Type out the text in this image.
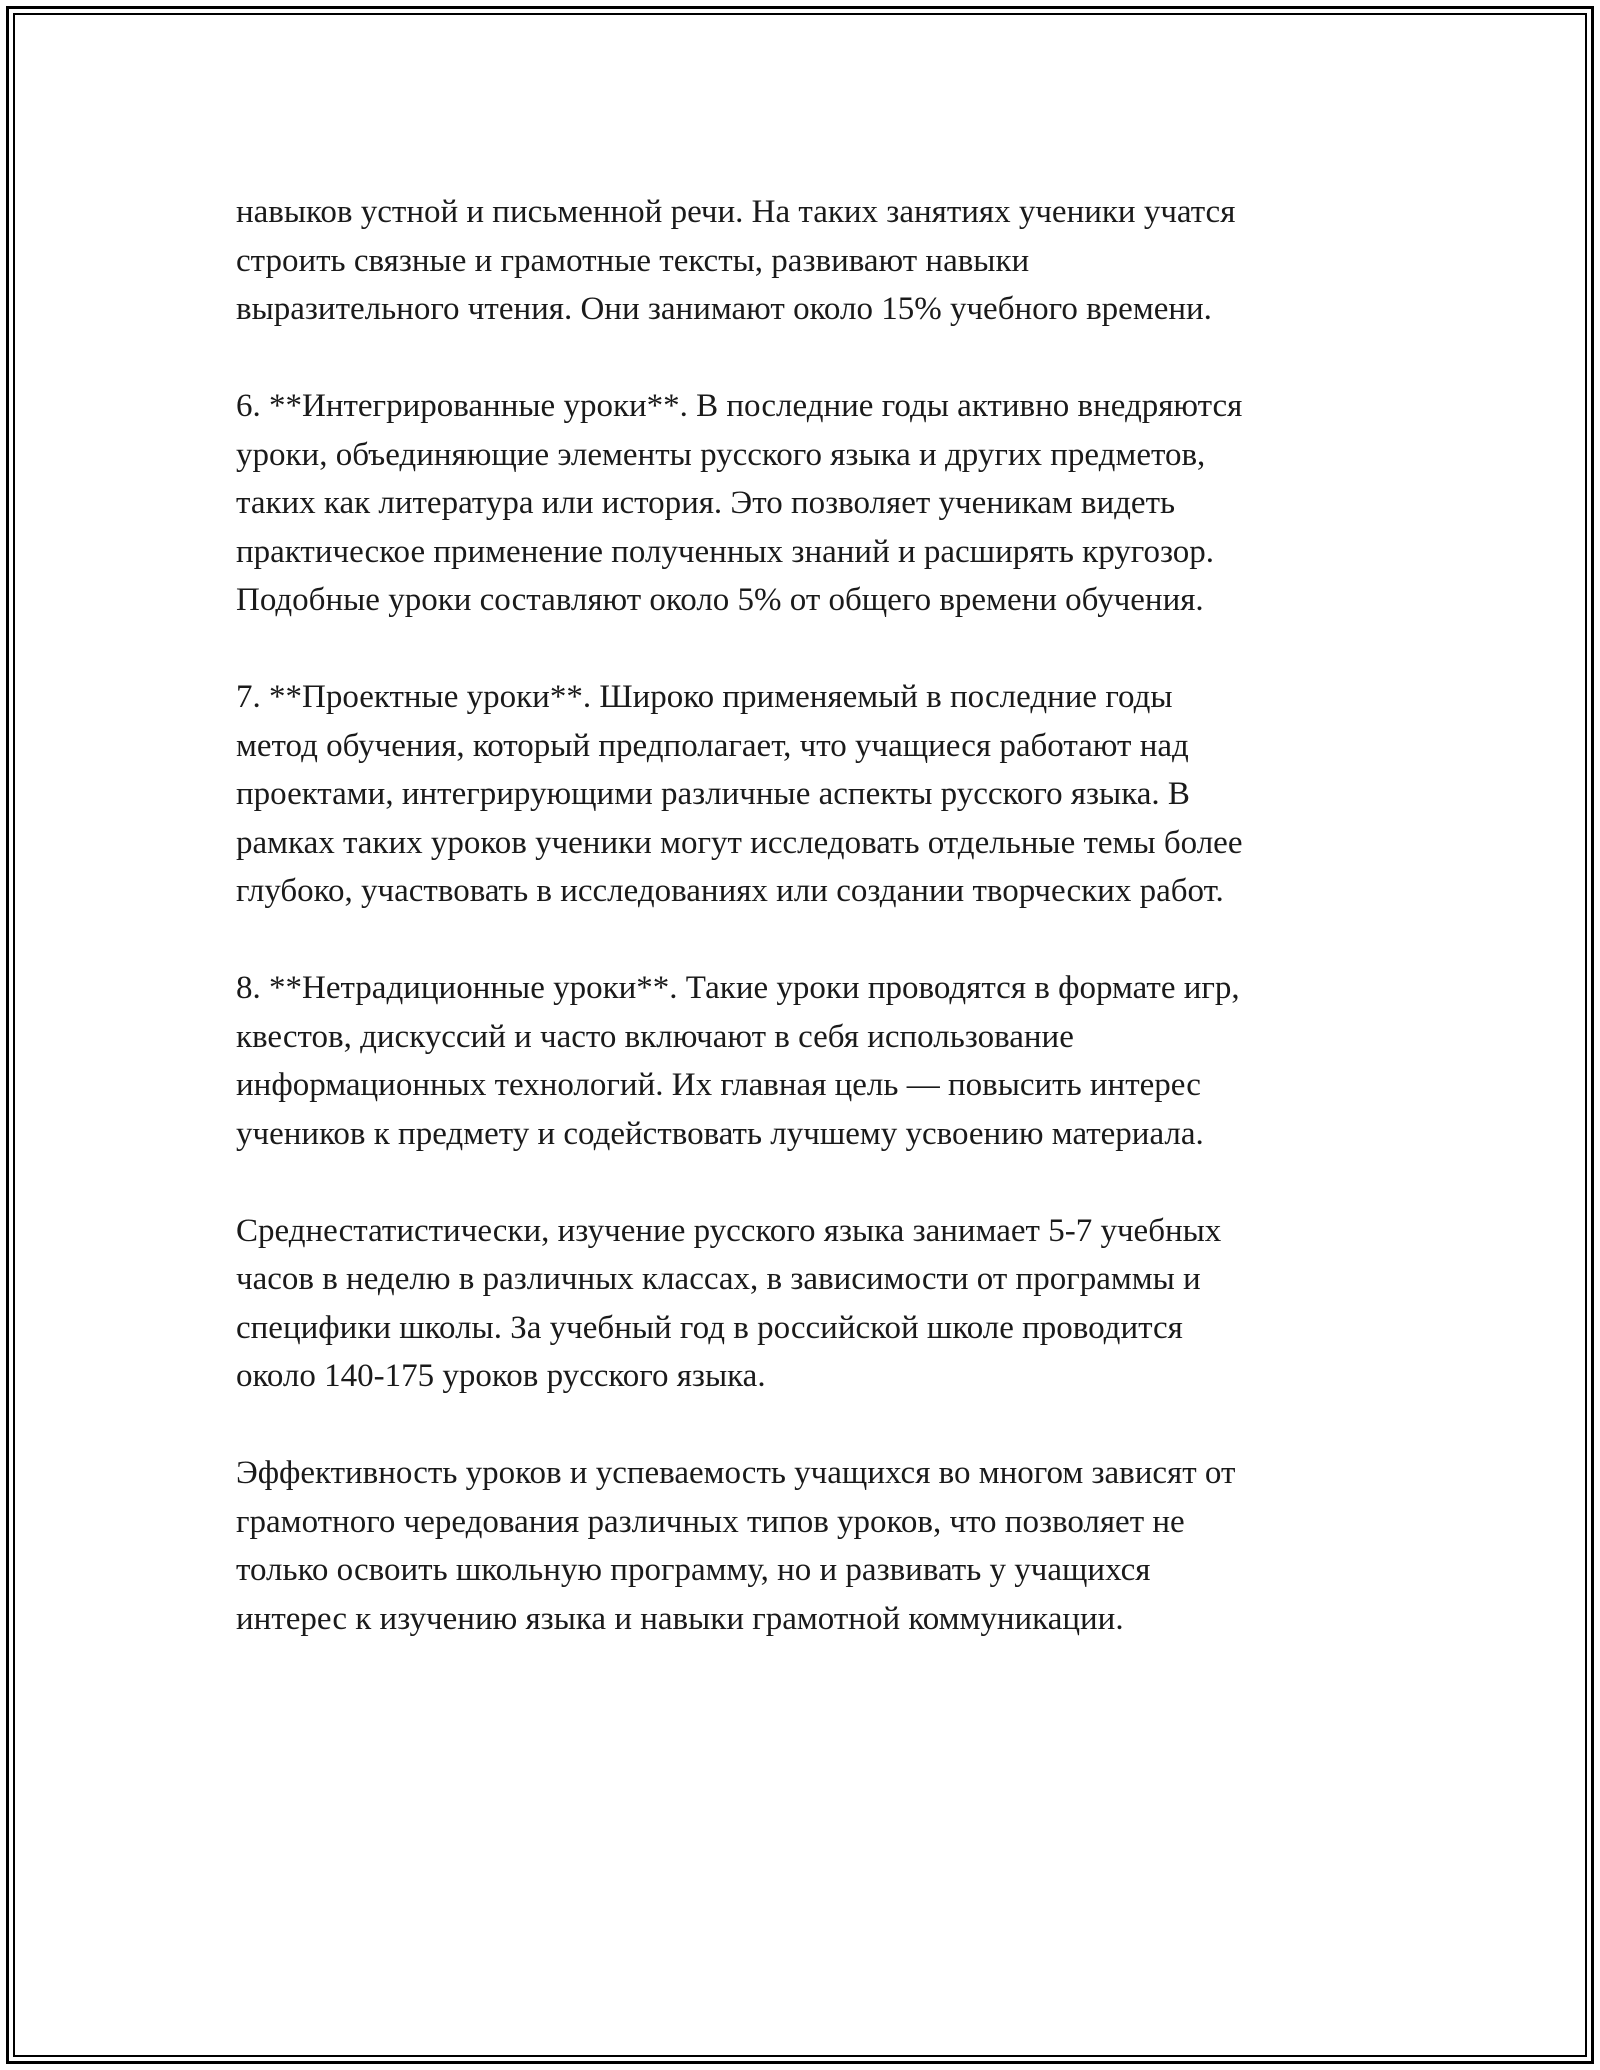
навыков устной и письменной речи. На таких занятиях ученики учатся
строить связные и грамотные тексты, развивают навыки
выразительного чтения. Они занимают около 15% учебного времени.

6. **Интегрированные уроки**. В последние годы активно внедряются
уроки, объединяющие элементы русского языка и других предметов,
таких как литература или история. Это позволяет ученикам видеть
практическое применение полученных знаний и расширять кругозор.
Подобные уроки составляют около 5% от общего времени обучения.

7. **Проектные уроки**. Широко применяемый в последние годы
метод обучения, который предполагает, что учащиеся работают над
проектами, интегрирующими различные аспекты русского языка. В
рамках таких уроков ученики могут исследовать отдельные темы более
глубоко, участвовать в исследованиях или создании творческих работ.

8. **Нетрадиционные уроки**. Такие уроки проводятся в формате игр,
квестов, дискуссий и часто включают в себя использование
информационных технологий. Их главная цель — повысить интерес
учеников к предмету и содействовать лучшему усвоению материала.

Среднестатистически, изучение русского языка занимает 5-7 учебных
часов в неделю в различных классах, в зависимости от программы и
специфики школы. За учебный год в российской школе проводится
около 140-175 уроков русского языка.

Эффективность уроков и успеваемость учащихся во многом зависят от
грамотного чередования различных типов уроков, что позволяет не
только освоить школьную программу, но и развивать у учащихся
интерес к изучению языка и навыки грамотной коммуникации.
